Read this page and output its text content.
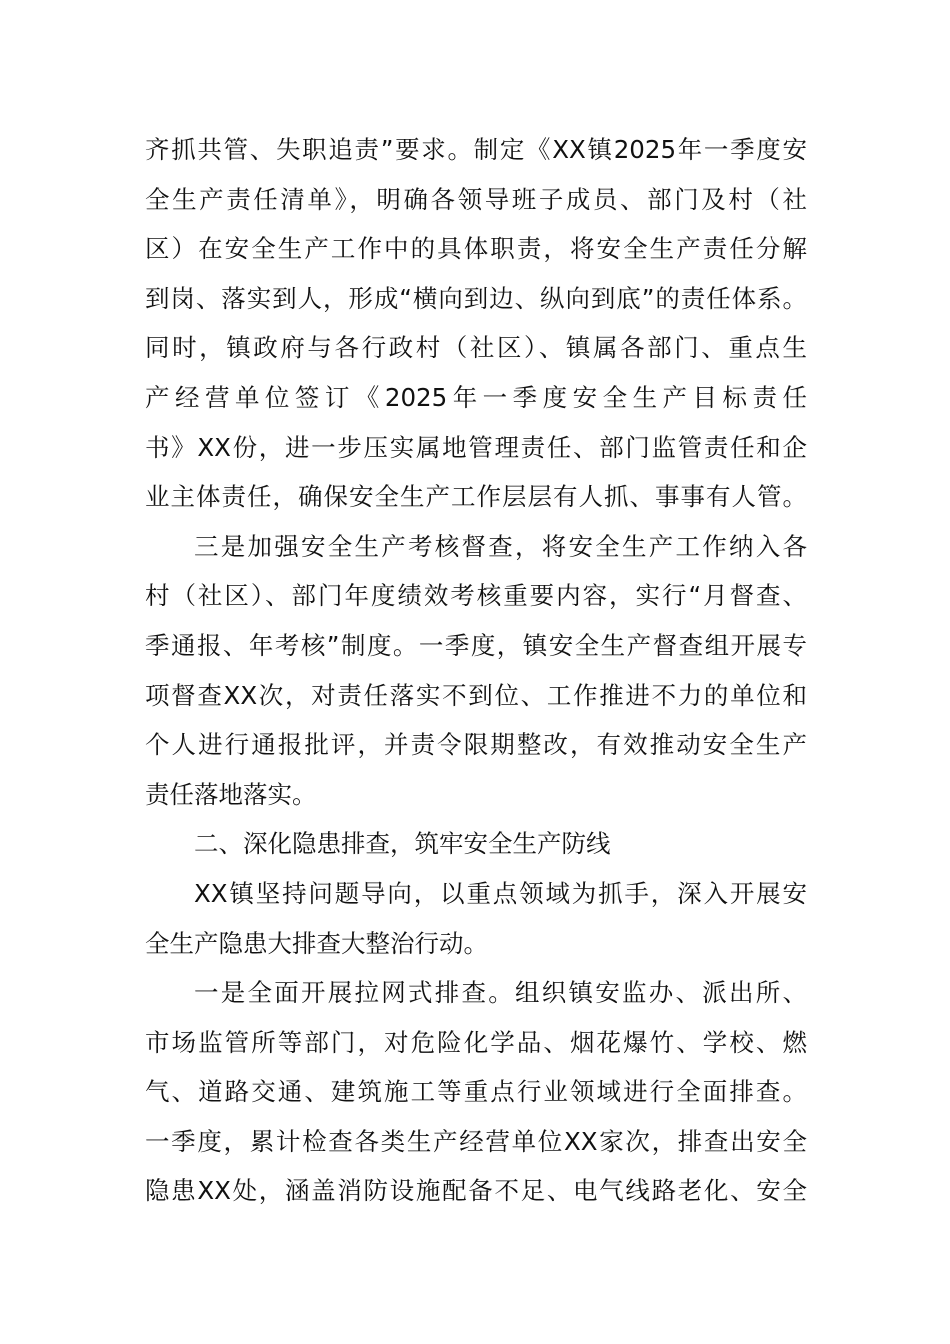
齐抓共管、失职追责”要求。制定《XX镇2025年一季度安
全生产责任清单》，明确各领导班子成员、部门及村（社
区）在安全生产工作中的具体职责，将安全生产责任分解
到岗、落实到人，形成“横向到边、纵向到底”的责任体系。
同时，镇政府与各行政村（社区）、镇属各部门、重点生
产经营单位签订《2025年一季度安全生产目标责任
书》XX份，进一步压实属地管理责任、部门监管责任和企
业主体责任，确保安全生产工作层层有人抓、事事有人管。
三是加强安全生产考核督查，将安全生产工作纳入各
村（社区）、部门年度绩效考核重要内容，实行“月督查、
季通报、年考核”制度。一季度，镇安全生产督查组开展专
项督查XX次，对责任落实不到位、工作推进不力的单位和
个人进行通报批评，并责令限期整改，有效推动安全生产
责任落地落实。
二、深化隐患排查，筑牢安全生产防线
XX镇坚持问题导向，以重点领域为抓手，深入开展安
全生产隐患大排查大整治行动。
一是全面开展拉网式排查。组织镇安监办、派出所、
市场监管所等部门，对危险化学品、烟花爆竹、学校、燃
气、道路交通、建筑施工等重点行业领域进行全面排查。
一季度，累计检查各类生产经营单位XX家次，排查出安全
隐患XX处，涵盖消防设施配备不足、电气线路老化、安全
